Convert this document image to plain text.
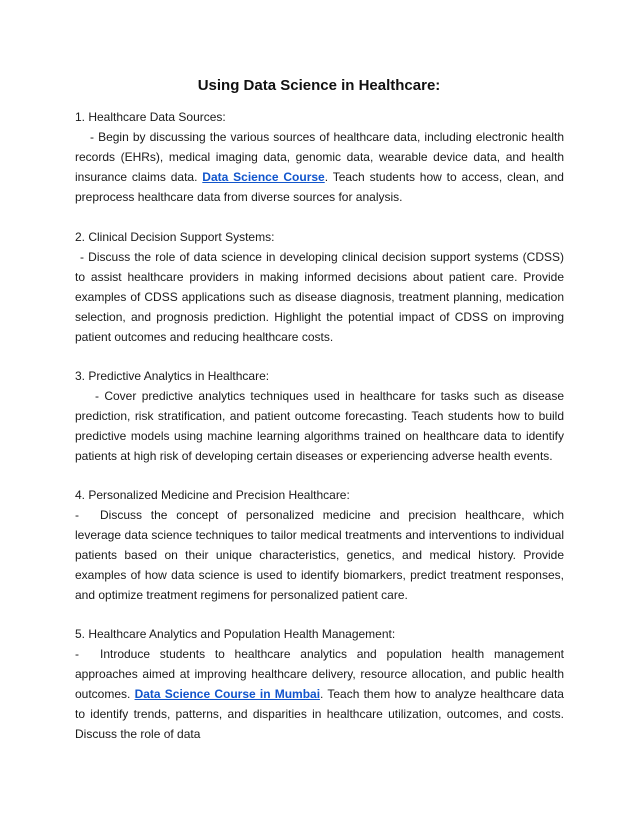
Using Data Science in Healthcare:

1. Healthcare Data Sources:

- Begin by discussing the various sources of healthcare data, including electronic health records (EHRs), medical imaging data, genomic data, wearable device data, and health insurance claims data. Data Science Course. Teach students how to access, clean, and preprocess healthcare data from diverse sources for analysis.

2. Clinical Decision Support Systems:

- Discuss the role of data science in developing clinical decision support systems (CDSS) to assist healthcare providers in making informed decisions about patient care. Provide examples of CDSS applications such as disease diagnosis, treatment planning, medication selection, and prognosis prediction. Highlight the potential impact of CDSS on improving patient outcomes and reducing healthcare costs.

3. Predictive Analytics in Healthcare:

- Cover predictive analytics techniques used in healthcare for tasks such as disease prediction, risk stratification, and patient outcome forecasting. Teach students how to build predictive models using machine learning algorithms trained on healthcare data to identify patients at high risk of developing certain diseases or experiencing adverse health events.

4. Personalized Medicine and Precision Healthcare:

- Discuss the concept of personalized medicine and precision healthcare, which leverage data science techniques to tailor medical treatments and interventions to individual patients based on their unique characteristics, genetics, and medical history. Provide examples of how data science is used to identify biomarkers, predict treatment responses, and optimize treatment regimens for personalized patient care.

5. Healthcare Analytics and Population Health Management:

- Introduce students to healthcare analytics and population health management approaches aimed at improving healthcare delivery, resource allocation, and public health outcomes. Data Science Course in Mumbai. Teach them how to analyze healthcare data to identify trends, patterns, and disparities in healthcare utilization, outcomes, and costs. Discuss the role of data
